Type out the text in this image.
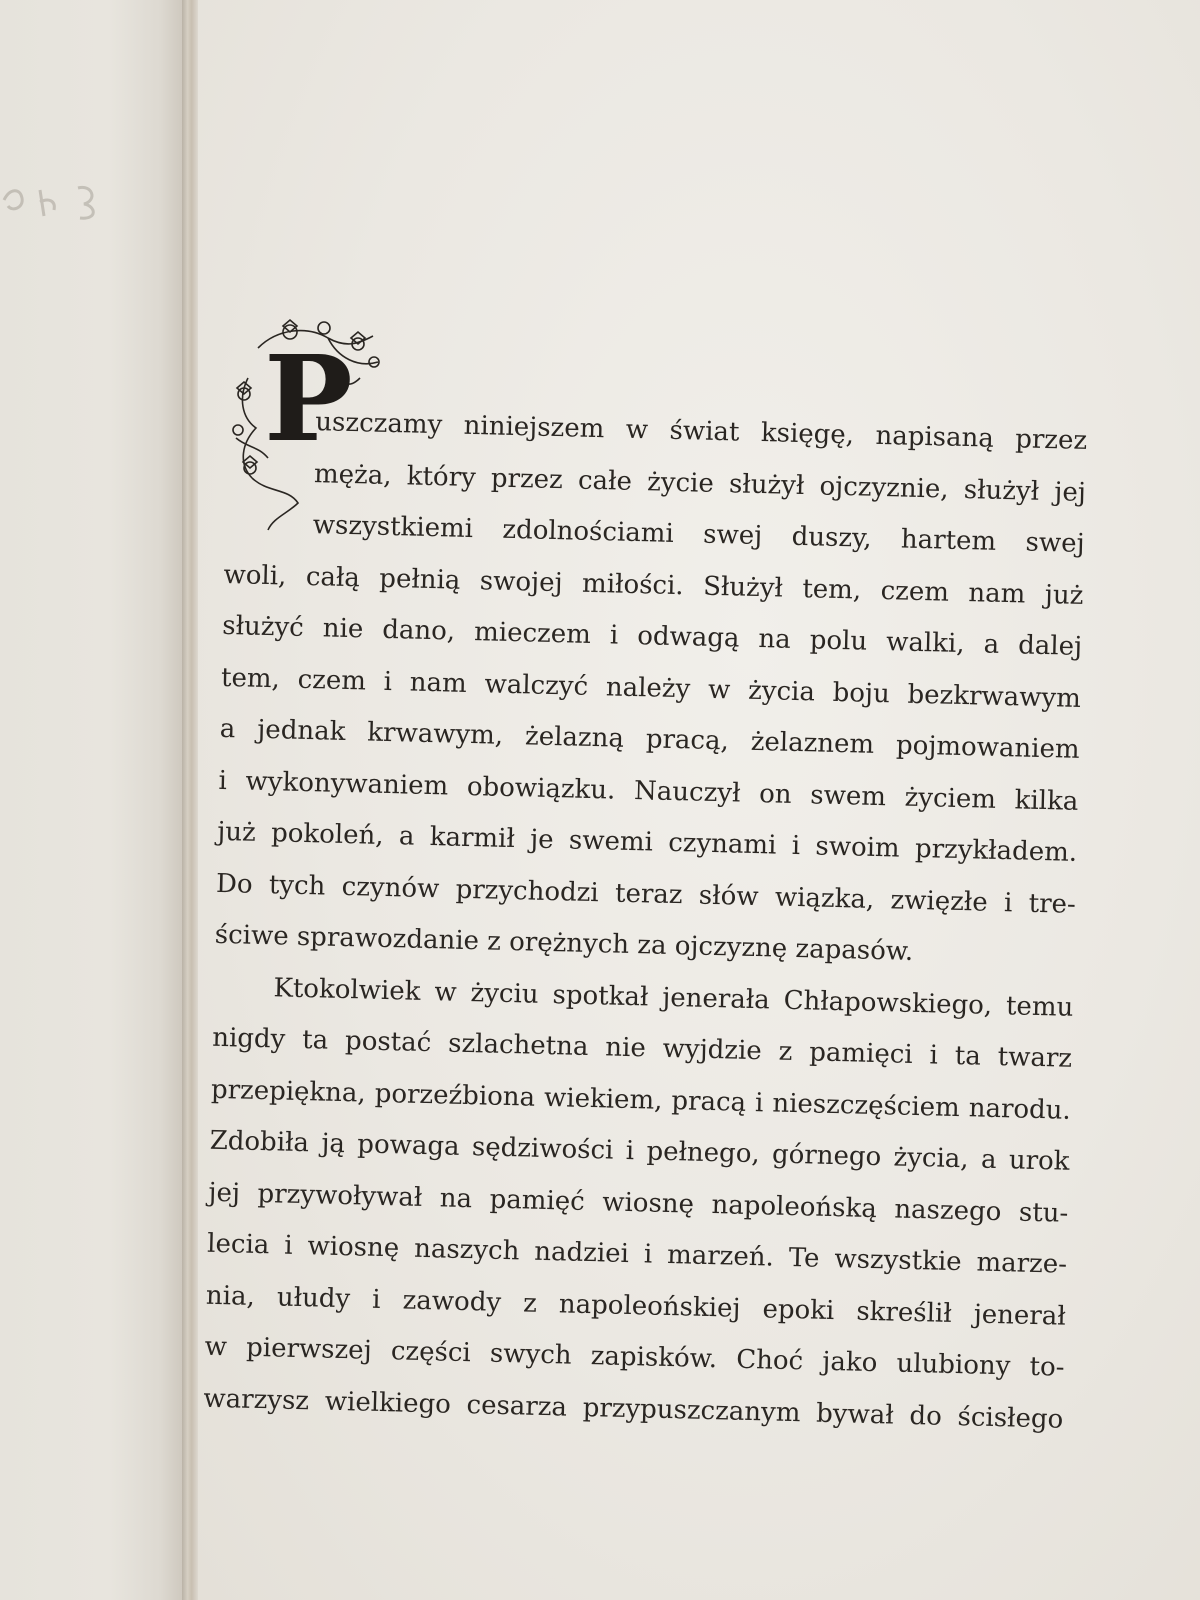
uszczamy niniejszem w świat księgę, napisaną przez
męża, który przez całe życie służył ojczyznie, służył jej
wszystkiemi zdolnościami swej duszy, hartem swej
woli, całą pełnią swojej miłości. Służył tem, czem nam już
służyć nie dano, mieczem i odwagą na polu walki, a dalej
tem, czem i nam walczyć należy w życia boju bezkrwawym
a jednak krwawym, żelazną pracą, żelaznem pojmowaniem
i wykonywaniem obowiązku. Nauczył on swem życiem kilka
już pokoleń, a karmił je swemi czynami i swoim przykładem.
Do tych czynów przychodzi teraz słów wiązka, zwięzłe i tre-
ściwe sprawozdanie z orężnych za ojczyznę zapasów.
Ktokolwiek w życiu spotkał jenerała Chłapowskiego, temu
nigdy ta postać szlachetna nie wyjdzie z pamięci i ta twarz
przepiękna, porzeźbiona wiekiem, pracą i nieszczęściem narodu.
Zdobiła ją powaga sędziwości i pełnego, górnego życia, a urok
jej przywoływał na pamięć wiosnę napoleońską naszego stu-
lecia i wiosnę naszych nadziei i marzeń. Te wszystkie marze-
nia, ułudy i zawody z napoleońskiej epoki skreślił jenerał
w pierwszej części swych zapisków. Choć jako ulubiony to-
warzysz wielkiego cesarza przypuszczanym bywał do ścisłego
P
